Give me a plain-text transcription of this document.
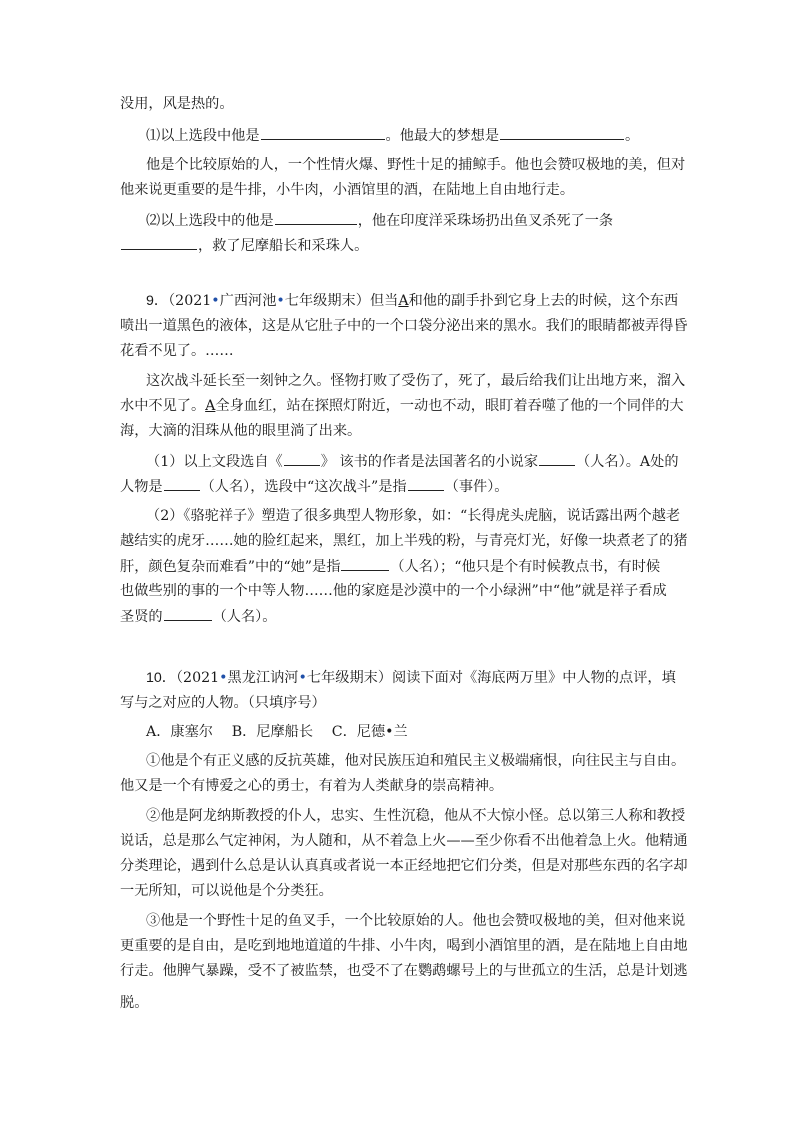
没用，风是热的。
⑴以上选段中他是	。他最大的梦想是	。
他是个比较原始的人，一个性情火爆、野性十足的捕鲸手。他也会赞叹极地的美，但对
他来说更重要的是牛排，小牛肉，小酒馆里的酒，在陆地上自由地行走。
⑵以上选段中的他是	，他在印度洋采珠场扔出鱼叉杀死了一条
，救了尼摩船长和采珠人。
9．（2021•广西河池•七年级期末）但当A和他的副手扑到它身上去的时候，这个东西
喷出一道黑色的液体，这是从它肚子中的一个口袋分泌出来的黑水。我们的眼睛都被弄得昏
花看不见了。……
这次战斗延长至一刻钟之久。怪物打败了受伤了，死了，最后给我们让出地方来，溜入
水中不见了。A全身血红，站在探照灯附近，一动也不动，眼盯着吞噬了他的一个同伴的大
海，大滴的泪珠从他的眼里淌了出来。
（1）以上文段选自《	》 该书的作者是法国著名的小说家	（人名）。A处的
人物是	（人名），选段中“这次战斗”是指	（事件）。
（2）《骆驼祥子》塑造了很多典型人物形象，如：“长得虎头虎脑，说话露出两个越老
越结实的虎牙……她的脸红起来，黑红，加上半残的粉，与青亮灯光，好像一块煮老了的猪
肝，颜色复杂而难看”中的“她”是指	（人名）；“他只是个有时候教点书，有时候
也做些别的事的一个中等人物……他的家庭是沙漠中的一个小绿洲”中“他”就是祥子看成
圣贤的	（人名）。
10．（2021•黑龙江讷河•七年级期末）阅读下面对《海底两万里》中人物的点评，填
写与之对应的人物。（只填序号）
A．康塞尔　 B．尼摩船长　 C．尼德•兰
①他是个有正义感的反抗英雄，他对民族压迫和殖民主义极端痛恨，向往民主与自由。
他又是一个有博爱之心的勇士，有着为人类献身的崇高精神。
②他是阿龙纳斯教授的仆人，忠实、生性沉稳，他从不大惊小怪。总以第三人称和教授
说话，总是那么气定神闲，为人随和，从不着急上火——至少你看不出他着急上火。他精通
分类理论，遇到什么总是认认真真或者说一本正经地把它们分类，但是对那些东西的名字却
一无所知，可以说他是个分类狂。
③他是一个野性十足的鱼叉手，一个比较原始的人。他也会赞叹极地的美，但对他来说
更重要的是自由，是吃到地地道道的牛排、小牛肉，喝到小酒馆里的酒，是在陆地上自由地
行走。他脾气暴躁，受不了被监禁，也受不了在鹦鹉螺号上的与世孤立的生活，总是计划逃
脱。
